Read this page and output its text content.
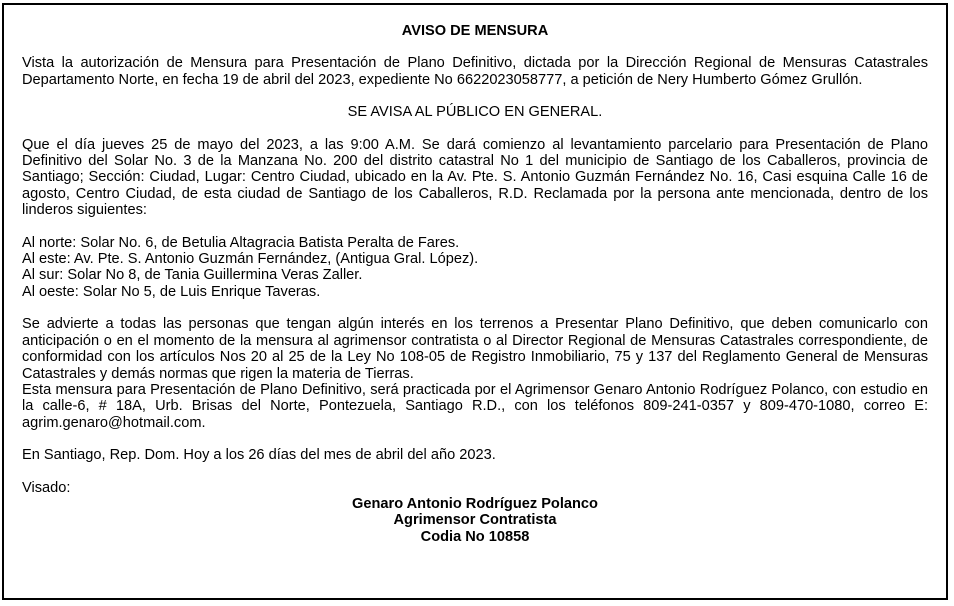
AVISO DE MENSURA
Vista la autorización de Mensura para Presentación de Plano Definitivo, dictada por la Dirección Regional de Mensuras Catastrales Departamento Norte, en fecha 19 de abril del 2023, expediente No 6622023058777, a petición de Nery Humberto Gómez Grullón.
SE AVISA AL PÚBLICO EN GENERAL.
Que el día jueves 25 de mayo del 2023, a las 9:00 A.M. Se dará comienzo al levantamiento parcelario para Presentación de Plano Definitivo del Solar No. 3 de la Manzana No. 200 del distrito catastral No 1 del municipio de Santiago de los Caballeros, provincia de Santiago; Sección: Ciudad, Lugar: Centro Ciudad, ubicado en la Av. Pte. S. Antonio Guzmán Fernández No. 16, Casi esquina Calle 16 de agosto, Centro Ciudad, de esta ciudad de Santiago de los Caballeros, R.D. Reclamada por la persona ante mencionada, dentro de los linderos siguientes:
Al norte: Solar No. 6, de Betulia Altagracia Batista Peralta de Fares.
Al este: Av. Pte. S. Antonio Guzmán Fernández, (Antigua Gral. López).
Al sur: Solar No 8, de Tania Guillermina Veras Zaller.
Al oeste: Solar No 5, de Luis Enrique Taveras.
Se advierte a todas las personas que tengan algún interés en los terrenos a Presentar Plano Definitivo, que deben comunicarlo con anticipación o en el momento de la mensura al agrimensor contratista o al Director Regional de Mensuras Catastrales correspondiente, de conformidad con los artículos Nos 20 al 25 de la Ley No 108-05 de Registro Inmobiliario, 75 y 137 del Reglamento General de Mensuras Catastrales y demás normas que rigen la materia de Tierras.
Esta mensura para Presentación de Plano Definitivo, será practicada por el Agrimensor Genaro Antonio Rodríguez Polanco, con estudio en la calle-6, # 18A, Urb. Brisas del Norte, Pontezuela, Santiago R.D., con los teléfonos 809-241-0357 y 809-470-1080, correo E: agrim.genaro@hotmail.com.
En Santiago, Rep. Dom. Hoy a los 26 días del mes de abril del año 2023.
Visado:
Genaro Antonio Rodríguez Polanco
Agrimensor Contratista
Codia No 10858
